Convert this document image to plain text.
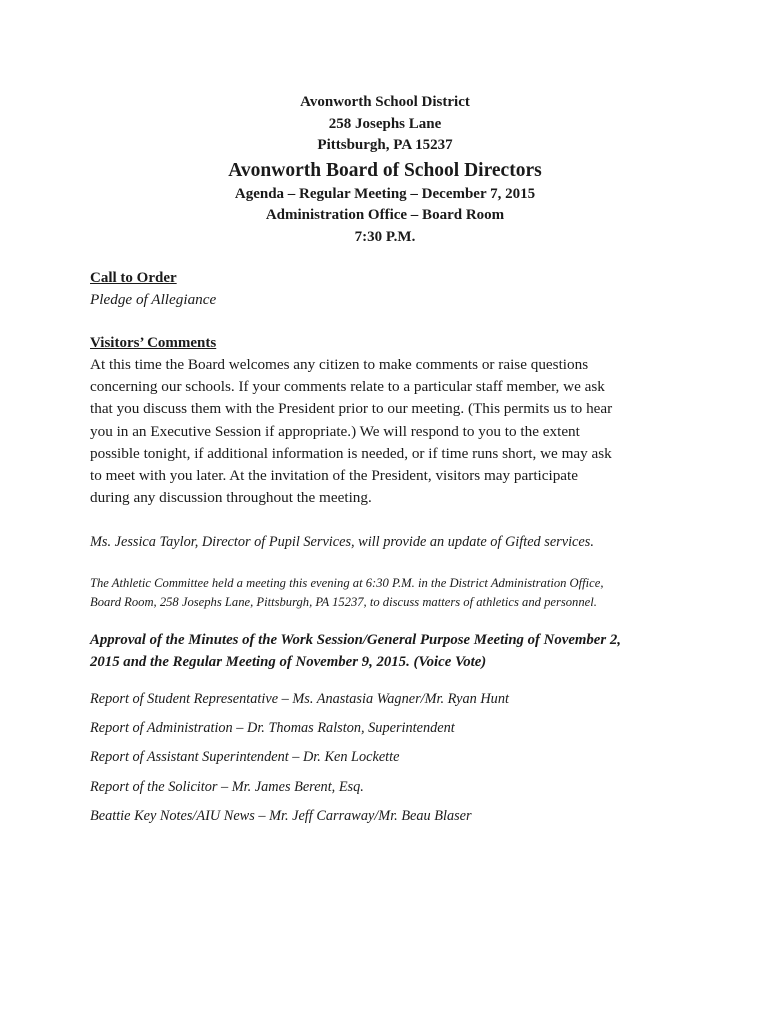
Avonworth School District
258 Josephs Lane
Pittsburgh, PA 15237
Avonworth Board of School Directors
Agenda – Regular Meeting – December 7, 2015
Administration Office – Board Room
7:30 P.M.
Call to Order
Pledge of Allegiance
Visitors’ Comments
At this time the Board welcomes any citizen to make comments or raise questions
concerning our schools. If your comments relate to a particular staff member, we ask
that you discuss them with the President prior to our meeting. (This permits us to hear
you in an Executive Session if appropriate.) We will respond to you to the extent
possible tonight, if additional information is needed, or if time runs short, we may ask
to meet with you later. At the invitation of the President, visitors may participate
during any discussion throughout the meeting.
Ms. Jessica Taylor, Director of Pupil Services, will provide an update of Gifted services.
The Athletic Committee held a meeting this evening at 6:30 P.M. in the District Administration Office,
Board Room, 258 Josephs Lane, Pittsburgh, PA 15237, to discuss matters of athletics and personnel.
Approval of the Minutes of the Work Session/General Purpose Meeting of November 2,
2015 and the Regular Meeting of November 9, 2015. (Voice Vote)
Report of Student Representative – Ms. Anastasia Wagner/Mr. Ryan Hunt
Report of Administration – Dr. Thomas Ralston, Superintendent
Report of Assistant Superintendent – Dr. Ken Lockette
Report of the Solicitor – Mr. James Berent, Esq.
Beattie Key Notes/AIU News – Mr. Jeff Carraway/Mr. Beau Blaser
